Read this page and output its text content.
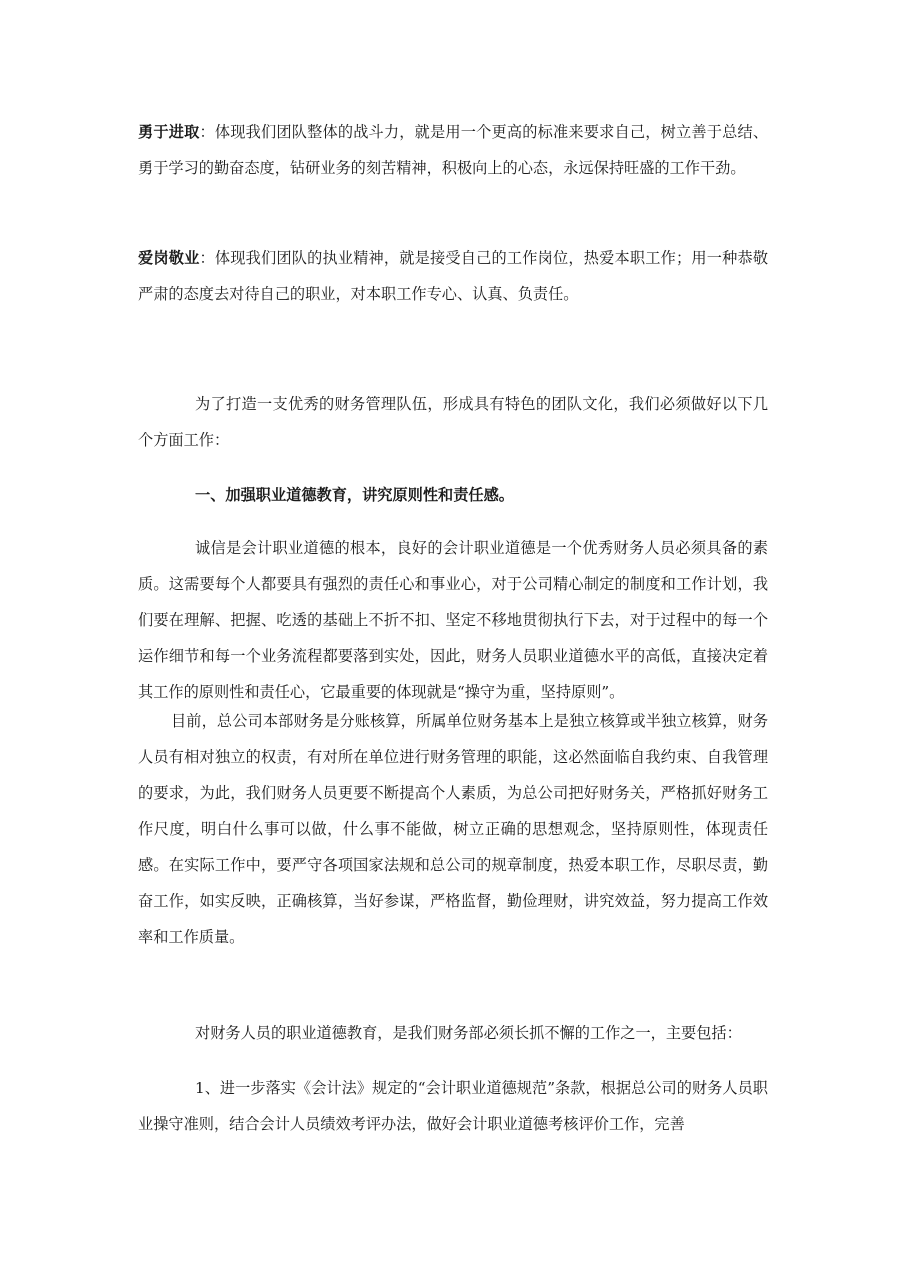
勇于进取：体现我们团队整体的战斗力，就是用一个更高的标准来要求自己，树立善于总结、勇于学习的勤奋态度，钻研业务的刻苦精神，积极向上的心态，永远保持旺盛的工作干劲。

爱岗敬业：体现我们团队的执业精神，就是接受自己的工作岗位，热爱本职工作；用一种恭敬严肃的态度去对待自己的职业，对本职工作专心、认真、负责任。

为了打造一支优秀的财务管理队伍，形成具有特色的团队文化，我们必须做好以下几个方面工作：

一、加强职业道德教育，讲究原则性和责任感。

诚信是会计职业道德的根本，良好的会计职业道德是一个优秀财务人员必须具备的素质。这需要每个人都要具有强烈的责任心和事业心，对于公司精心制定的制度和工作计划，我们要在理解、把握、吃透的基础上不折不扣、坚定不移地贯彻执行下去，对于过程中的每一个运作细节和每一个业务流程都要落到实处，因此，财务人员职业道德水平的高低，直接决定着其工作的原则性和责任心，它最重要的体现就是“操守为重，坚持原则”。

目前，总公司本部财务是分账核算，所属单位财务基本上是独立核算或半独立核算，财务人员有相对独立的权责，有对所在单位进行财务管理的职能，这必然面临自我约束、自我管理的要求，为此，我们财务人员更要不断提高个人素质，为总公司把好财务关，严格抓好财务工作尺度，明白什么事可以做，什么事不能做，树立正确的思想观念，坚持原则性，体现责任感。在实际工作中，要严守各项国家法规和总公司的规章制度，热爱本职工作，尽职尽责，勤奋工作，如实反映，正确核算，当好参谋，严格监督，勤俭理财，讲究效益，努力提高工作效率和工作质量。

对财务人员的职业道德教育，是我们财务部必须长抓不懈的工作之一，主要包括：

1、进一步落实《会计法》规定的“会计职业道德规范”条款，根据总公司的财务人员职业操守准则，结合会计人员绩效考评办法，做好会计职业道德考核评价工作，完善
